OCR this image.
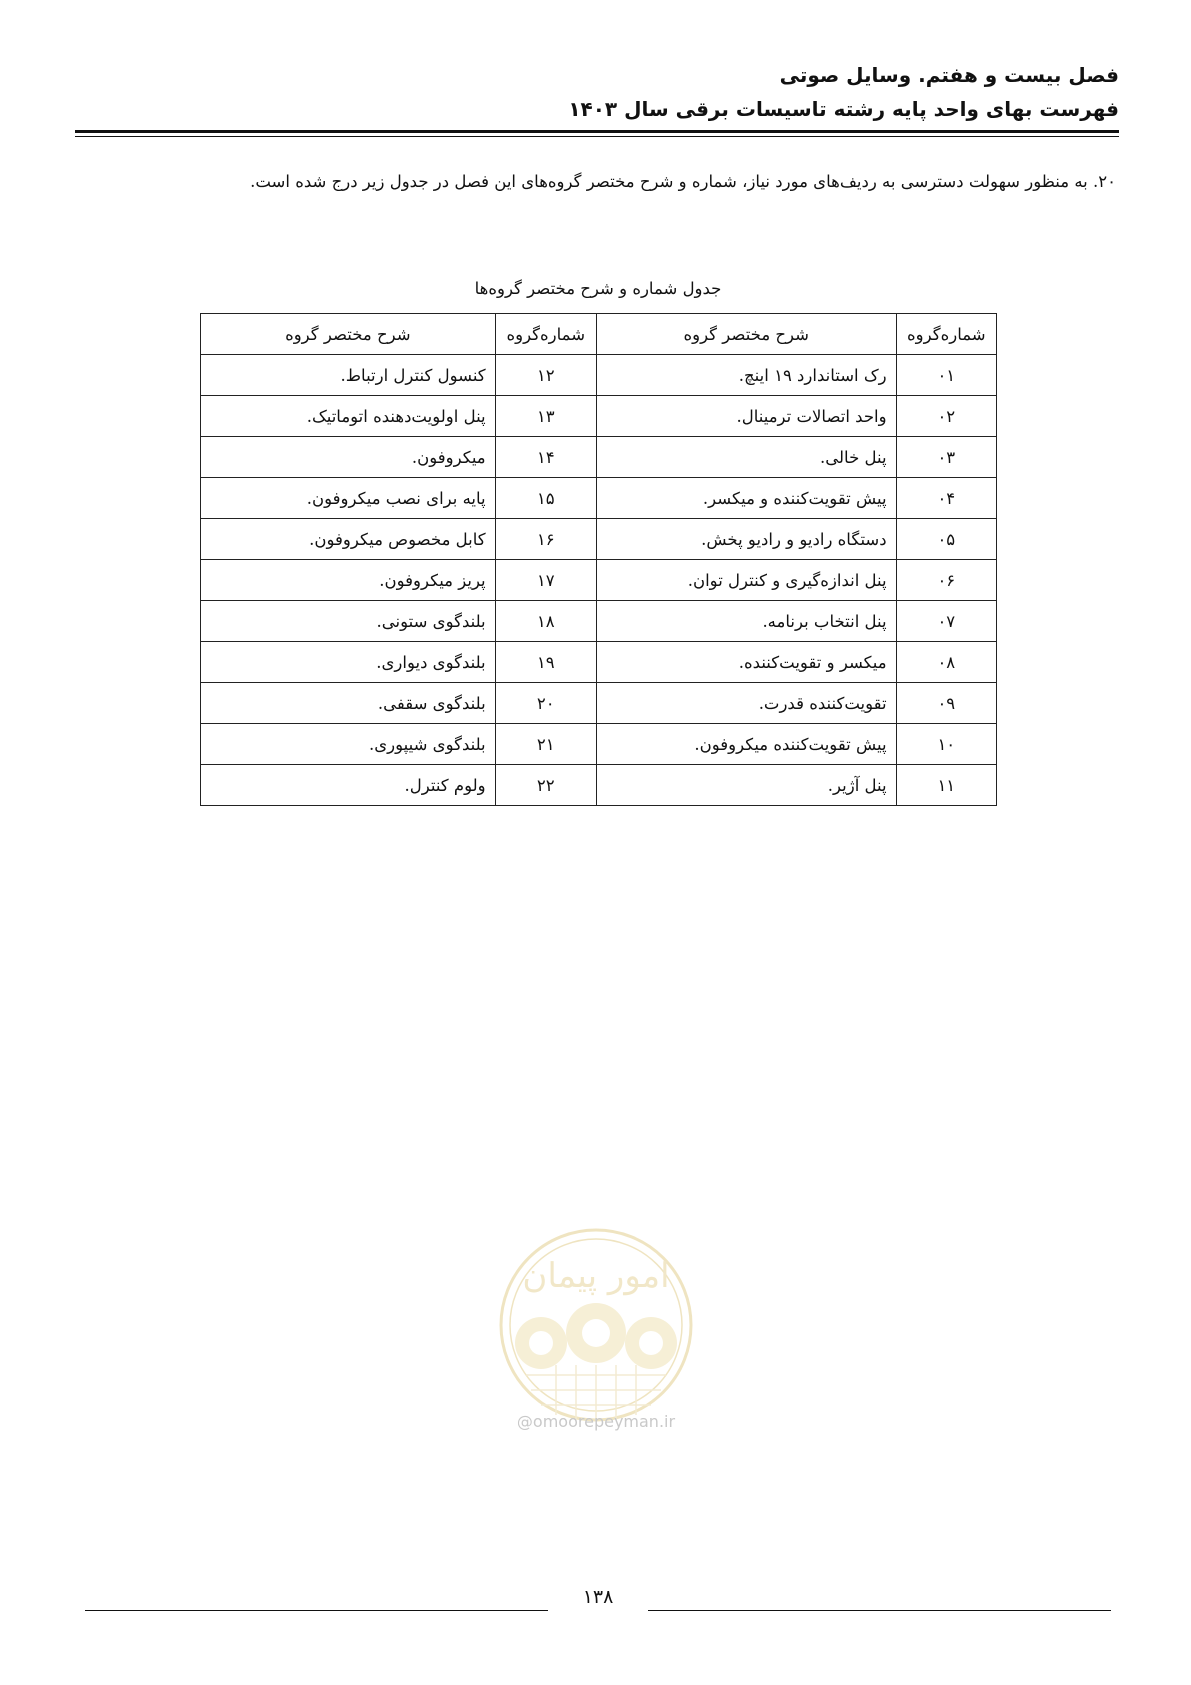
فصل بیست و هفتم. وسایل صوتی
فهرست بهای واحد پایه رشته تاسیسات برقی سال ۱۴۰۳
۲۰. به منظور سهولت دسترسی به ردیف‌های مورد نیاز، شماره و شرح مختصر گروه‌های این فصل در جدول زیر درج شده است.
جدول شماره و شرح مختصر گروه‌ها
شماره‌گروه	شرح مختصر گروه	شماره‌گروه	شرح مختصر گروه
۰۱	رک استاندارد ۱۹ اینچ.	۱۲	کنسول کنترل ارتباط.
۰۲	واحد اتصالات ترمینال.	۱۳	پنل اولویت‌دهنده اتوماتیک.
۰۳	پنل خالی.	۱۴	میکروفون.
۰۴	پیش تقویت‌کننده و میکسر.	۱۵	پایه برای نصب میکروفون.
۰۵	دستگاه رادیو و رادیو پخش.	۱۶	کابل مخصوص میکروفون.
۰۶	پنل اندازه‌گیری و کنترل توان.	۱۷	پریز میکروفون.
۰۷	پنل انتخاب برنامه.	۱۸	بلندگوی ستونی.
۰۸	میکسر و تقویت‌کننده.	۱۹	بلندگوی دیواری.
۰۹	تقویت‌کننده قدرت.	۲۰	بلندگوی سقفی.
۱۰	پیش تقویت‌کننده میکروفون.	۲۱	بلندگوی شیپوری.
۱۱	پنل آژیر.	۲۲	ولوم کنترل.
امور پیمان
@omoorepeyman.ir
۱۳۸
